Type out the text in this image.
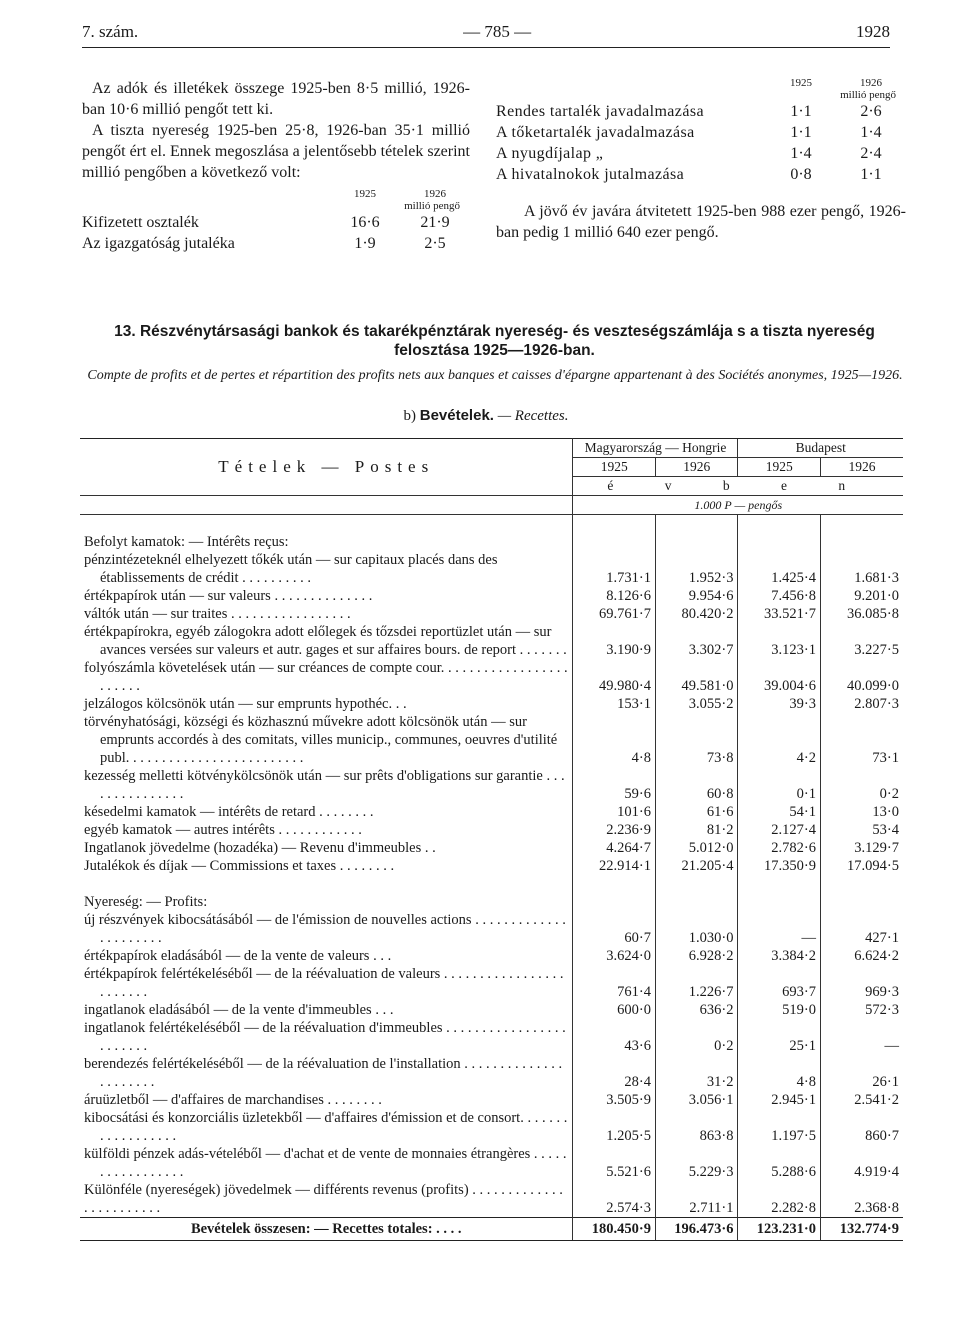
7. szám.	— 785 —	1928

Az adók és illetékek összege 1925-ben 8·5 millió, 1926-ban 10·6 millió pengőt tett ki.

A tiszta nyereség 1925-ben 25·8, 1926-ban 35·1 millió pengőt ért el. Ennek megoszlása a jelentősebb tételek szerint millió pengőben a következő volt:

1925	1926
millió pengő
Kifizetett osztalék	16·6	21·9
Az igazgatóság jutaléka	1·9	2·5
1925	1926
millió pengő
Rendes tartalék javadalmazása	1·1	2·6
A tőketartalék javadalmazása	1·1	1·4
A nyugdíjalap „	1·4	2·4
A hivatalnokok jutalmazása	0·8	1·1

A jövő év javára átvitetett 1925-ben 988 ezer pengő, 1926-ban pedig 1 millió 640 ezer pengő.

13. Részvénytársasági bankok és takarékpénztárak nyereség- és veszteségszámlája s a tiszta nyereség felosztása 1925—1926-ban.
Compte de profits et de pertes et répartition des profits nets aux banques et caisses d'épargne appartenant à des Sociétés anonymes, 1925—1926.
b) Bevételek. — Recettes.
Tételek — Postes	Magyarország — Hongrie		Budapest	
	1925	1926	1925	1926
	é v b e n			
	1.000 P — pengős			
Befolyt kamatok: — Intérêts reçus:				
pénzintézeteknél elhelyezett tőkék után — sur capitaux placés dans des établissements de crédit . . . . . . . . . .	1.731·1	1.952·3	1.425·4	1.681·3
értékpapírok után — sur valeurs . . . . . . . . . . . . . .	8.126·6	9.954·6	7.456·8	9.201·0
váltók után — sur traites . . . . . . . . . . . . . . . . .	69.761·7	80.420·2	33.521·7	36.085·8
értékpapírokra, egyéb zálogokra adott előlegek és tőzsdei reportüzlet után — sur avances versées sur valeurs et autr. gages et sur affaires bours. de report . . . . . . .	3.190·9	3.302·7	3.123·1	3.227·5
folyószámla követelések után — sur créances de compte cour. . . . . . . . . . . . . . . . . . . . . . . .	49.980·4	49.581·0	39.004·6	40.099·0
jelzálogos kölcsönök után — sur emprunts hypothéc. . .	153·1	3.055·2	39·3	2.807·3
törvényhatósági, községi és közhasznú művekre adott kölcsönök után — sur emprunts accordés à des comitats, villes municip., communes, oeuvres d'utilité publ. . . . . . . . . . . . . . . . . . . . . . . . .	4·8	73·8	4·2	73·1
kezesség melletti kötvénykölcsönök után — sur prêts d'obligations sur garantie . . . . . . . . . . . . . . .	59·6	60·8	0·1	0·2
késedelmi kamatok — intérêts de retard . . . . . . . .	101·6	61·6	54·1	13·0
egyéb kamatok — autres intérêts . . . . . . . . . . . .	2.236·9	81·2	2.127·4	53·4
Ingatlanok jövedelme (hozadéka) — Revenu d'immeubles . .	4.264·7	5.012·0	2.782·6	3.129·7
Jutalékok és díjak — Commissions et taxes . . . . . . . .	22.914·1	21.205·4	17.350·9	17.094·5
Nyereség: — Profits:				
új részvények kibocsátásából — de l'émission de nouvelles actions . . . . . . . . . . . . . . . . . . . . . .	60·7	1.030·0	—	427·1
értékpapírok eladásából — de la vente de valeurs . . .	3.624·0	6.928·2	3.384·2	6.624·2
értékpapírok felértékeléséből — de la réévaluation de valeurs . . . . . . . . . . . . . . . . . . . . . . . .	761·4	1.226·7	693·7	969·3
ingatlanok eladásából — de la vente d'immeubles . . .	600·0	636·2	519·0	572·3
ingatlanok felértékeléséből — de la réévaluation d'immeubles . . . . . . . . . . . . . . . . . . . . . . . .	43·6	0·2	25·1	—
berendezés felértékeléséből — de la réévaluation de l'installation . . . . . . . . . . . . . . . . . . . . . .	28·4	31·2	4·8	26·1
áruüzletből — d'affaires de marchandises . . . . . . . .	3.505·9	3.056·1	2.945·1	2.541·2
kibocsátási és konzorciális üzletekből — d'affaires d'émission et de consort. . . . . . . . . . . . . . . . . .	1.205·5	863·8	1.197·5	860·7
külföldi pénzek adás-vételéből — d'achat et de vente de monnaies étrangères . . . . . . . . . . . . . . . . .	5.521·6	5.229·3	5.288·6	4.919·4
Különféle (nyereségek) jövedelmek — différents revenus (profits) . . . . . . . . . . . . . . . . . . . . . . . .	2.574·3	2.711·1	2.282·8	2.368·8
Bevételek összesen: — Recettes totales: . . . .	180.450·9	196.473·6	123.231·0	132.774·9
